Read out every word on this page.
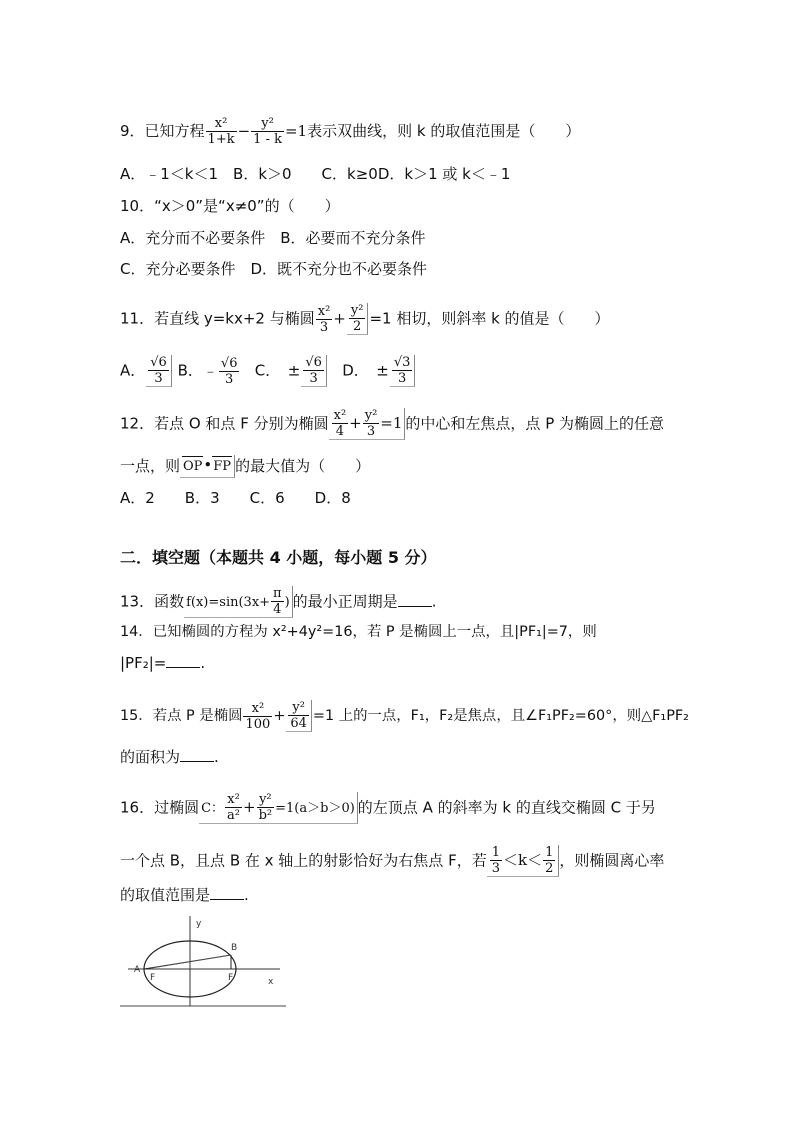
9．已知方程 $\frac{\text{x²}}{1+k} - \frac{\text{y²}}{1 - k} =1$表示双曲线，则 k 的取值范围是（　　）
A．﹣1＜k＜1　B．k＞0　　C．k≥0D．k＞1 或 k＜﹣1
10．“x＞0”是“x≠0”的（　　）
A．充分而不必要条件　B．必要而不充分条件
C．充分必要条件　D．既不充分也不必要条件
11．若直线 y=kx+2 与椭圆 $\frac{\text{x²}}{3} + \frac{\text{y²}}{2} =1$ 相切，则斜率 k 的值是（　　）
A． $\frac{√6}{3}$ B．﹣ $\frac{√6}{3}$ C．　± $\frac{√6}{3}$ D．　± $\frac{√3}{3}$
12．若点 O 和点 F 分别为椭圆 $\frac{\text{x²}}{4} + \frac{\text{y²}}{3} =1$ 的中心和左焦点，点 P 为椭圆上的任意
一点，则 OP•FP 的最大值为（　　）
A．2　　B．3　　C．6　　D．8
二．填空题（本题共 4 小题，每小题 5 分）
13．函数 $f(x)=\sin(3x+ \frac{\pi}{4}$ ) 的最小正周期是 .
14．已知椭圆的方程为 x²+4y²=16，若 P 是椭圆上一点，且|PF₁|=7，则
|PF₂|= .
15．若点 P 是椭圆 $\frac{\text{x²}}{100} + \frac{\text{y²}}{64} =1$ 上的一点，F₁，F₂是焦点，且∠F₁PF₂=60°，则△F₁PF₂
的面积为 .
16．过椭圆 C： $\frac{\text{x²}}{\text{a²}} + \frac{\text{y²}}{\text{b²}} =1(a>b>0)$ 的左顶点 A 的斜率为 k 的直线交椭圆 C 于另
一个点 B，且点 B 在 x 轴上的射影恰好为右焦点 F，若 $\frac{1}{3} <k< \frac{1}{2}$ ，则椭圆离心率
的取值范围是 .
y
x
A
B
F	F
